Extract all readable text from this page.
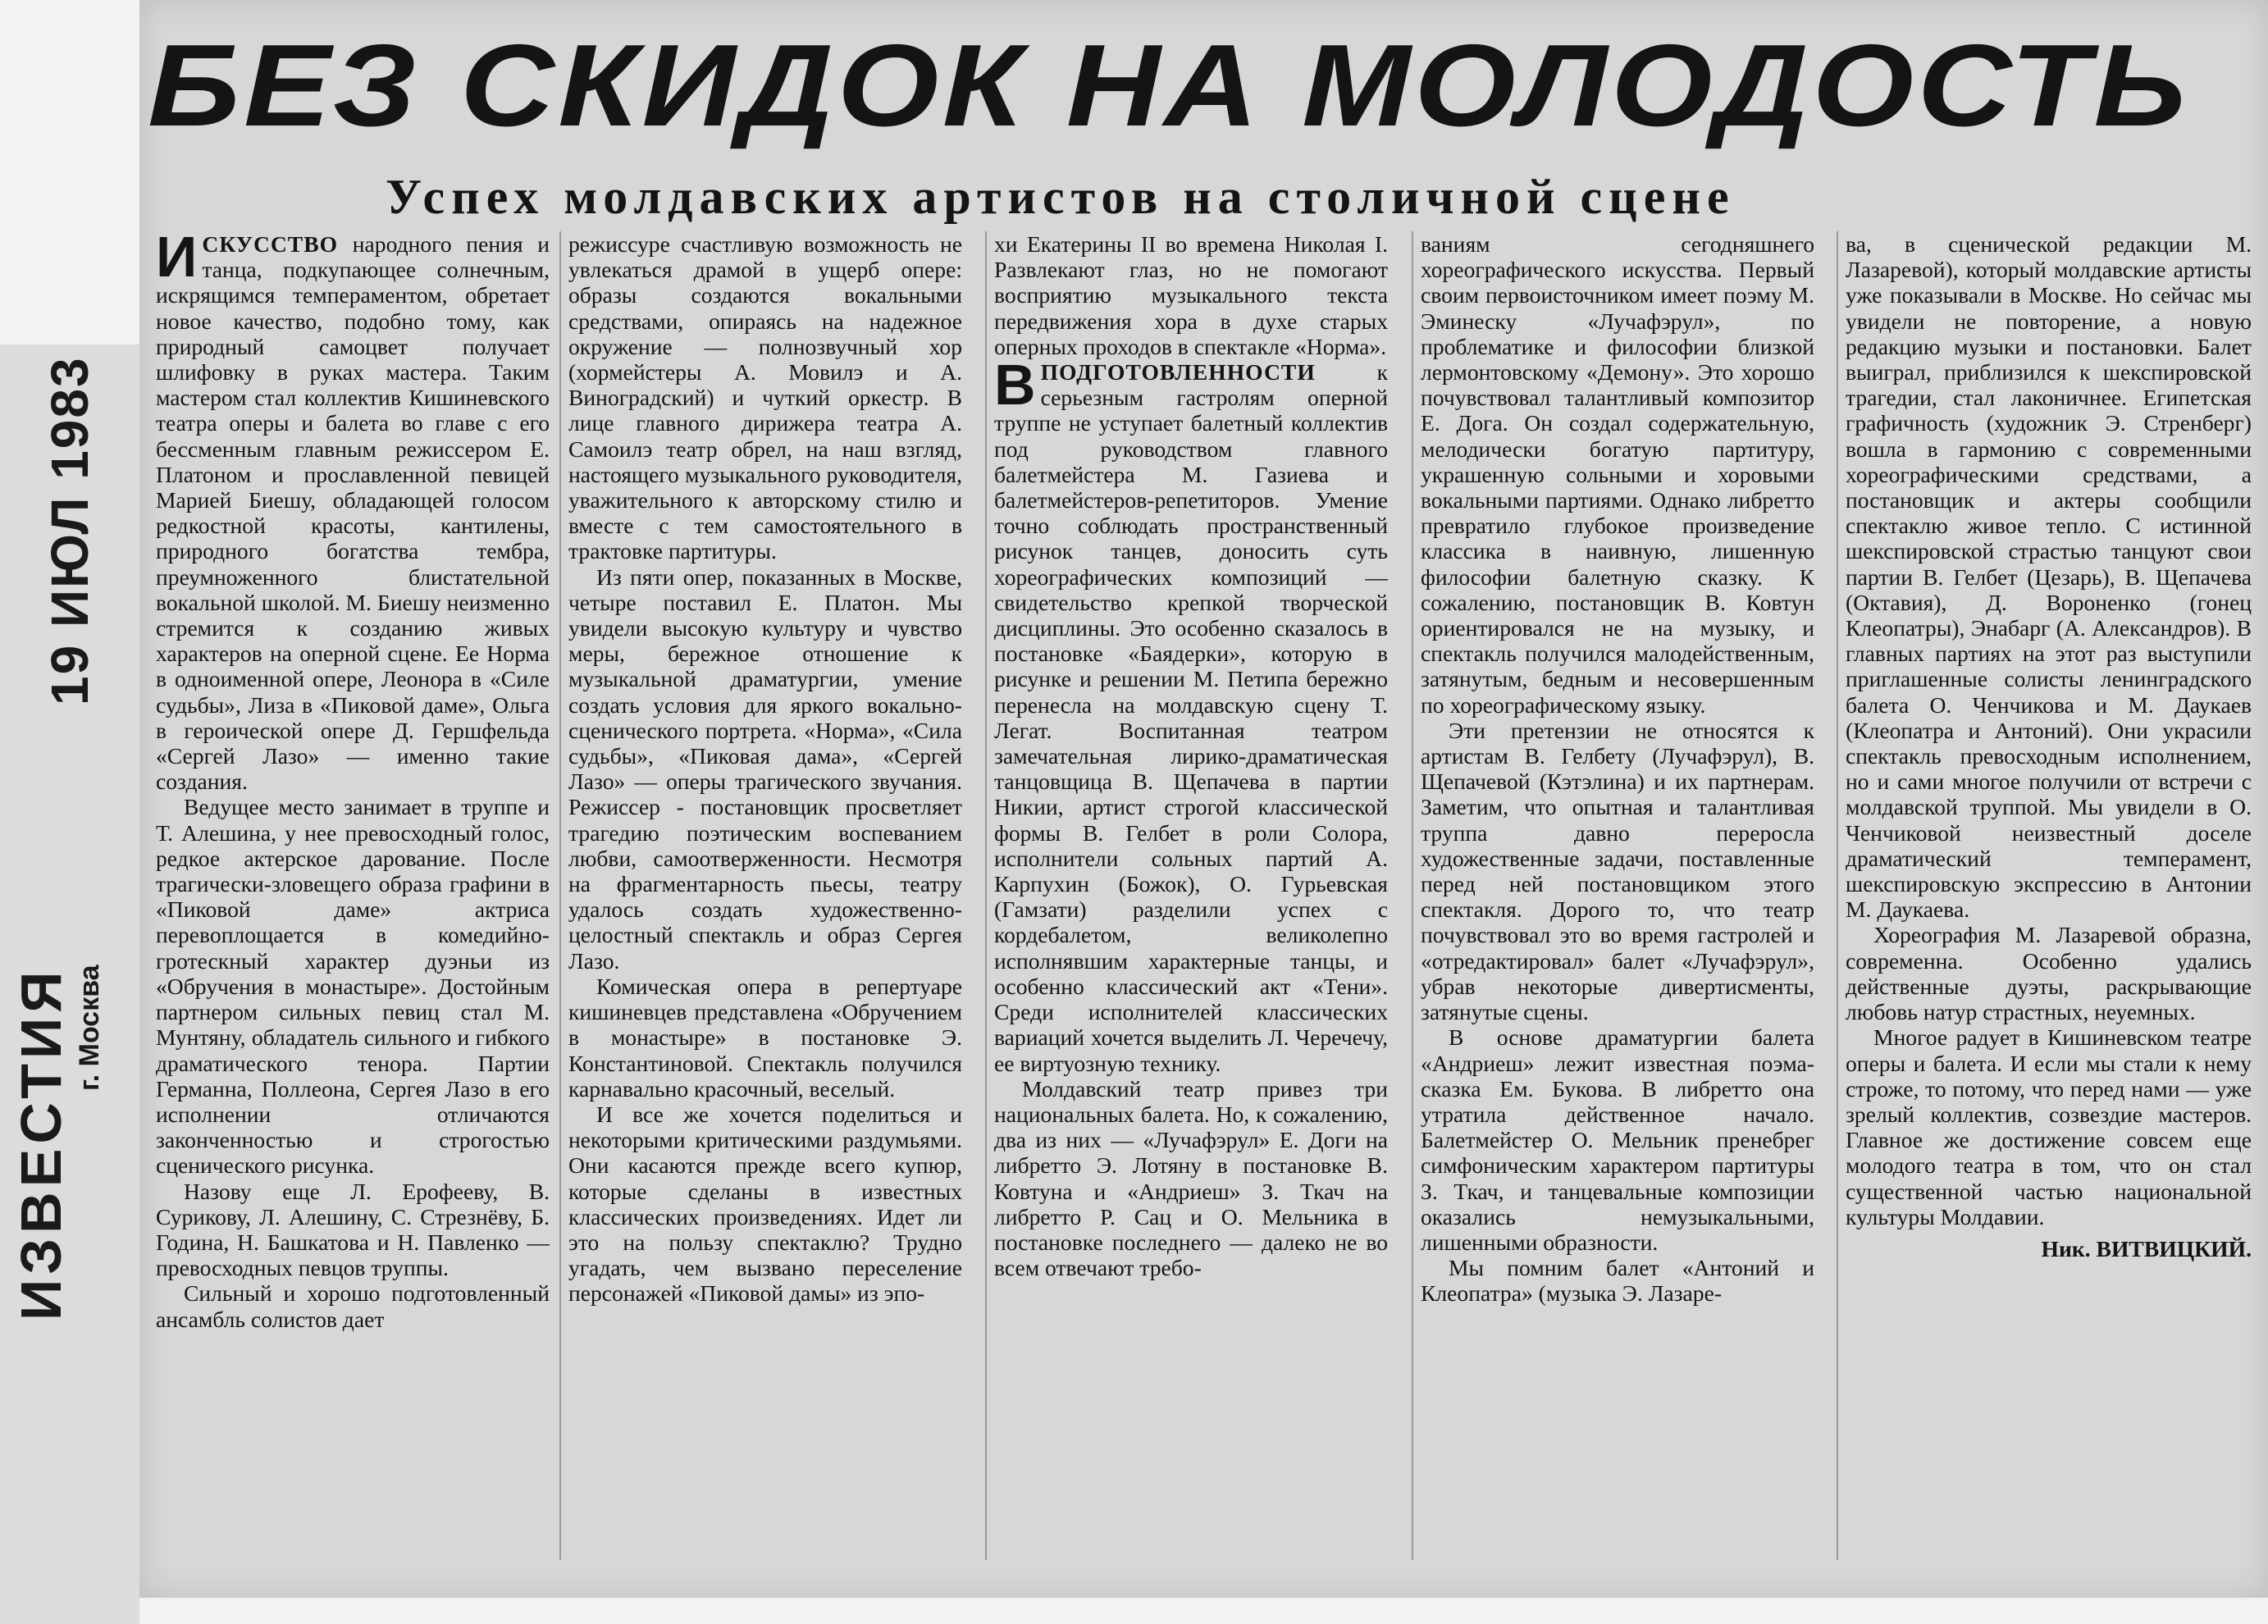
19 ИЮЛ 1983
ИЗВЕСТИЯ г. Москва
БЕЗ СКИДОК НА МОЛОДОСТЬ
Успех молдавских артистов на столичной сцене

ИСКУССТВО народного пения и танца, подкупающее солнечным, искрящимся темпераментом, обретает новое качество, подобно тому, как природный самоцвет получает шлифовку в руках мастера. Таким мастером стал коллектив Кишиневского театра оперы и балета во главе с его бессменным главным режиссером Е. Платоном и прославленной певицей Марией Биешу, обладающей голосом редкостной красоты, кантилены, природного богатства тембра, преумноженного блистательной вокальной школой. М. Биешу неизменно стремится к созданию живых характеров на оперной сцене. Ее Норма в одноименной опере, Леонора в «Силе судьбы», Лиза в «Пиковой даме», Ольга в героической опере Д. Гершфельда «Сергей Лазо» — именно такие создания.

Ведущее место занимает в труппе и Т. Алешина, у нее превосходный голос, редкое актерское дарование. После трагически-зловещего образа графини в «Пиковой даме» актриса перевоплощается в комедийно-гротескный характер дуэньи из «Обручения в монастыре». Достойным партнером сильных певиц стал М. Мунтяну, обладатель сильного и гибкого драматического тенора. Партии Германна, Поллеона, Сергея Лазо в его исполнении отличаются законченностью и строгостью сценического рисунка.

Назову еще Л. Ерофееву, В. Сурикову, Л. Алешину, С. Стрезнёву, Б. Година, Н. Башкатова и Н. Павленко — превосходных певцов труппы.

Сильный и хорошо подготовленный ансамбль солистов дает

режиссуре счастливую возможность не увлекаться драмой в ущерб опере: образы создаются вокальными средствами, опираясь на надежное окружение — полнозвучный хор (хормейстеры А. Мовилэ и А. Виноградский) и чуткий оркестр. В лице главного дирижера театра А. Самоилэ театр обрел, на наш взгляд, настоящего музыкального руководителя, уважительного к авторскому стилю и вместе с тем самостоятельного в трактовке партитуры.

Из пяти опер, показанных в Москве, четыре поставил Е. Платон. Мы увидели высокую культуру и чувство меры, бережное отношение к музыкальной драматургии, умение создать условия для яркого вокально-сценического портрета. «Норма», «Сила судьбы», «Пиковая дама», «Сергей Лазо» — оперы трагического звучания. Режиссер - постановщик просветляет трагедию поэтическим воспеванием любви, самоотверженности. Несмотря на фрагментарность пьесы, театру удалось создать художественно-целостный спектакль и образ Сергея Лазо.

Комическая опера в репертуаре кишиневцев представлена «Обручением в монастыре» в постановке Э. Константиновой. Спектакль получился карнавально красочный, веселый.

И все же хочется поделиться и некоторыми критическими раздумьями. Они касаются прежде всего купюр, которые сделаны в известных классических произведениях. Идет ли это на пользу спектаклю? Трудно угадать, чем вызвано переселение персонажей «Пиковой дамы» из эпо-

хи Екатерины II во времена Николая I. Развлекают глаз, но не помогают восприятию музыкального текста передвижения хора в духе старых оперных проходов в спектакле «Норма».

ВПОДГОТОВЛЕННОСТИ к серьезным гастролям оперной труппе не уступает балетный коллектив под руководством главного балетмейстера М. Газиева и балетмейстеров-репетиторов. Умение точно соблюдать пространственный рисунок танцев, доносить суть хореографических композиций — свидетельство крепкой творческой дисциплины. Это особенно сказалось в постановке «Баядерки», которую в рисунке и решении М. Петипа бережно перенесла на молдавскую сцену Т. Легат. Воспитанная театром замечательная лирико-драматическая танцовщица В. Щепачева в партии Никии, артист строгой классической формы В. Гелбет в роли Солора, исполнители сольных партий А. Карпухин (Божок), О. Гурьевская (Гамзати) разделили успех с кордебалетом, великолепно исполнявшим характерные танцы, и особенно классический акт «Тени». Среди исполнителей классических вариаций хочется выделить Л. Черечечу, ее виртуозную технику.

Молдавский театр привез три национальных балета. Но, к сожалению, два из них — «Лучафэрул» Е. Доги на либретто Э. Лотяну в постановке В. Ковтуна и «Андриеш» З. Ткач на либретто Р. Сац и О. Мельника в постановке последнего — далеко не во всем отвечают требо-

ваниям сегодняшнего хореографического искусства. Первый своим первоисточником имеет поэму М. Эминеску «Лучафэрул», по проблематике и философии близкой лермонтовскому «Демону». Это хорошо почувствовал талантливый композитор Е. Дога. Он создал содержательную, мелодически богатую партитуру, украшенную сольными и хоровыми вокальными партиями. Однако либретто превратило глубокое произведение классика в наивную, лишенную философии балетную сказку. К сожалению, постановщик В. Ковтун ориентировался не на музыку, и спектакль получился малодейственным, затянутым, бедным и несовершенным по хореографическому языку.

Эти претензии не относятся к артистам В. Гелбету (Лучафэрул), В. Щепачевой (Кэтэлина) и их партнерам. Заметим, что опытная и талантливая труппа давно переросла художественные задачи, поставленные перед ней постановщиком этого спектакля. Дорого то, что театр почувствовал это во время гастролей и «отредактировал» балет «Лучафэрул», убрав некоторые дивертисменты, затянутые сцены.

В основе драматургии балета «Андриеш» лежит известная поэма-сказка Ем. Букова. В либретто она утратила действенное начало. Балетмейстер О. Мельник пренебрег симфоническим характером партитуры З. Ткач, и танцевальные композиции оказались немузыкальными, лишенными образности.

Мы помним балет «Антоний и Клеопатра» (музыка Э. Лазаре-

ва, в сценической редакции М. Лазаревой), который молдавские артисты уже показывали в Москве. Но сейчас мы увидели не повторение, а новую редакцию музыки и постановки. Балет выиграл, приблизился к шекспировской трагедии, стал лаконичнее. Египетская графичность (художник Э. Стренберг) вошла в гармонию с современными хореографическими средствами, а постановщик и актеры сообщили спектаклю живое тепло. С истинной шекспировской страстью танцуют свои партии В. Гелбет (Цезарь), В. Щепачева (Октавия), Д. Вороненко (гонец Клеопатры), Энабарг (А. Александров). В главных партиях на этот раз выступили приглашенные солисты ленинградского балета О. Ченчикова и М. Даукаев (Клеопатра и Антоний). Они украсили спектакль превосходным исполнением, но и сами многое получили от встречи с молдавской труппой. Мы увидели в О. Ченчиковой неизвестный доселе драматический темперамент, шекспировскую экспрессию в Антонии М. Даукаева.

Хореография М. Лазаревой образна, современна. Особенно удались действенные дуэты, раскрывающие любовь натур страстных, неуемных.

Многое радует в Кишиневском театре оперы и балета. И если мы стали к нему строже, то потому, что перед нами — уже зрелый коллектив, созвездие мастеров. Главное же достижение совсем еще молодого театра в том, что он стал существенной частью национальной культуры Молдавии.

Ник. ВИТВИЦКИЙ.
